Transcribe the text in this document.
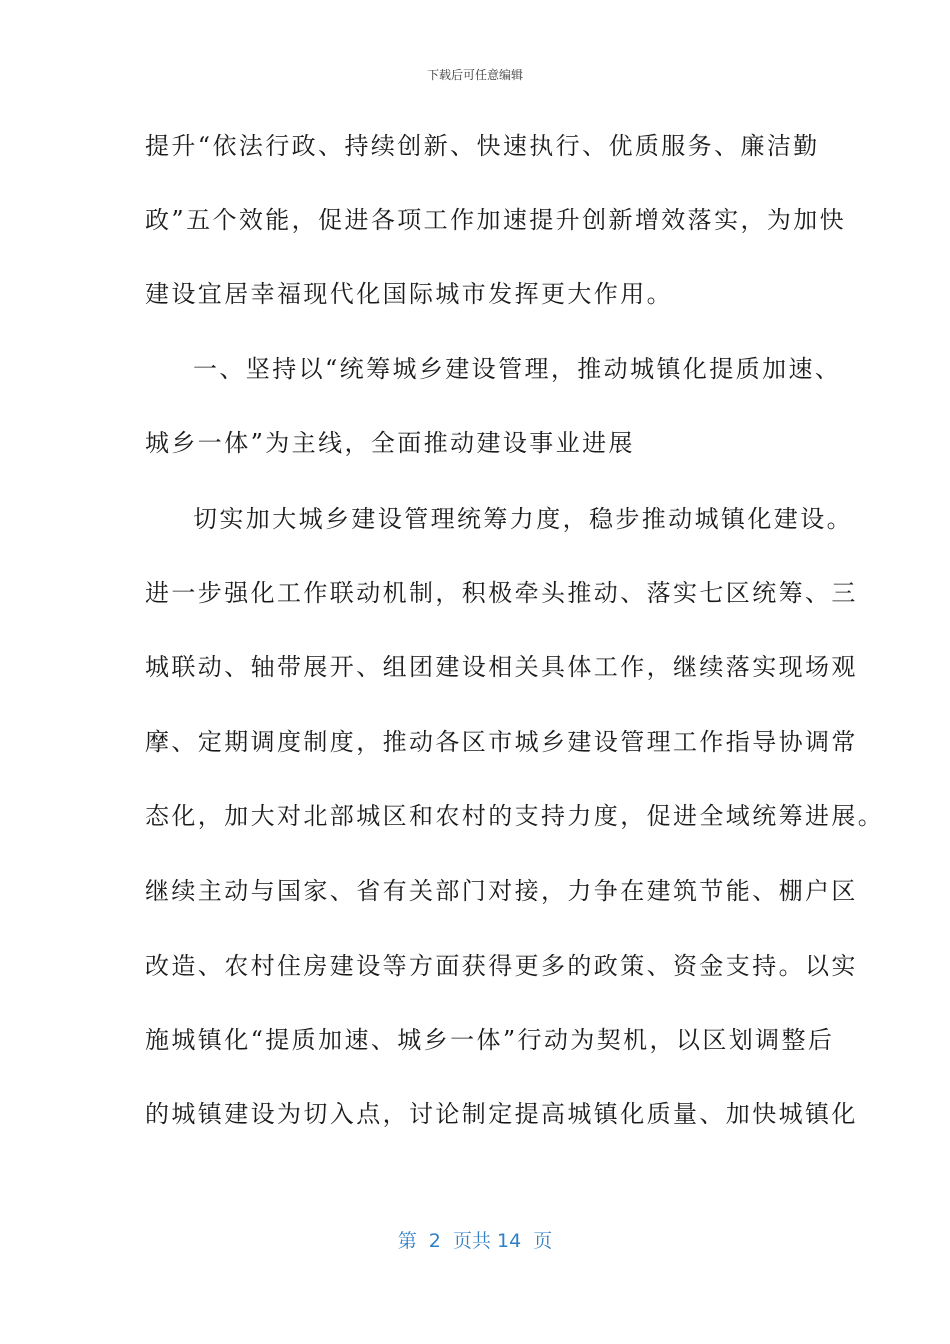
下载后可任意编辑
提升“依法行政、持续创新、快速执行、优质服务、廉洁勤
政”五个效能，促进各项工作加速提升创新增效落实，为加快
建设宜居幸福现代化国际城市发挥更大作用。
一、坚持以“统筹城乡建设管理，推动城镇化提质加速、
城乡一体”为主线，全面推动建设事业进展
切实加大城乡建设管理统筹力度，稳步推动城镇化建设。
进一步强化工作联动机制，积极牵头推动、落实七区统筹、三
城联动、轴带展开、组团建设相关具体工作，继续落实现场观
摩、定期调度制度，推动各区市城乡建设管理工作指导协调常
态化，加大对北部城区和农村的支持力度，促进全域统筹进展。
继续主动与国家、省有关部门对接，力争在建筑节能、棚户区
改造、农村住房建设等方面获得更多的政策、资金支持。以实
施城镇化“提质加速、城乡一体”行动为契机，以区划调整后
的城镇建设为切入点，讨论制定提高城镇化质量、加快城镇化
第  2  页共 14  页
